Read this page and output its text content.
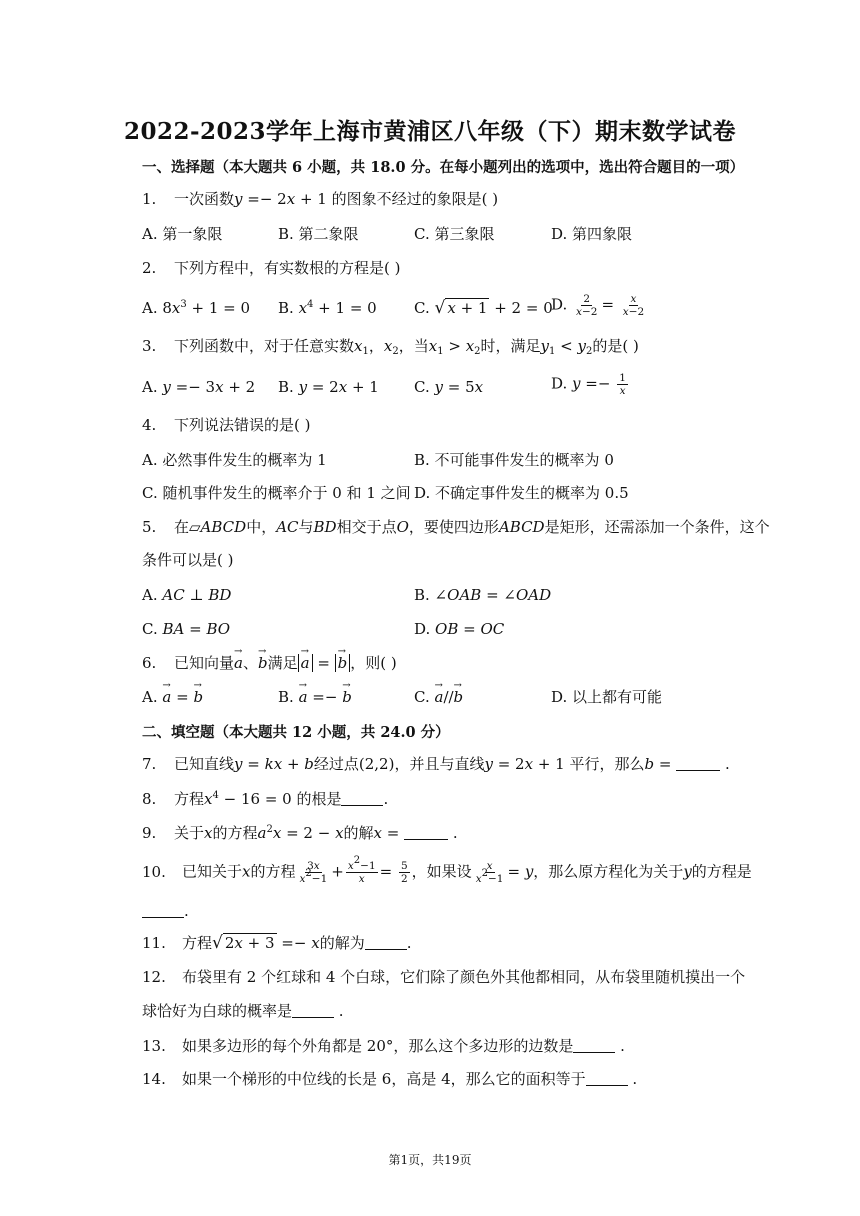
2022-2023学年上海市黄浦区八年级（下）期末数学试卷
一、选择题（本大题共 6 小题，共 18.0 分。在每小题列出的选项中，选出符合题目的一项）
1. 一次函数y =− 2x + 1 的图象不经过的象限是( )
A. 第一象限	B. 第二象限	C. 第三象限	D. 第四象限
2. 下列方程中，有实数根的方程是( )
A. $8x^3 + 1 = 0$ B. $x^4 + 1 = 0$ C. √ x + 1 + 2 = 0
D. $\frac{2}{x-2} = \frac{x}{x-2}$
3. 下列函数中，对于任意实数$x_1$，$x_2$，当$x_1 > x_2$时，满足$y_1 < y_2$的是( )
A. y =− 3x + 2 B. y = 2x + 1 C. y = 5x	D. $y =- \frac{1}{x}$
4. 下列说法错误的是( )
A. 必然事件发生的概率为 1	B. 不可能事件发生的概率为 0
C. 随机事件发生的概率介于 0 和 1 之间 D. 不确定事件发生的概率为 0.5
5. 在▱ABCD中，AC与BD相交于点O，要使四边形ABCD是矩形，还需添加一个条件，这个
条件可以是( )
A. AC ⊥ BD	B. ∠OAB = ∠OAD
C. BA = BO	D. OB = OC
6. 已知向量→ a、→ b满足→ a = → b ，则( )
A. → a = → b	B. → a =− → b	C. → a//→ b	D. 以上都有可能
二、填空题（本大题共 12 小题，共 24.0 分）
7. 已知直线y = kx + b经过点(2,2)，并且与直线y = 2x + 1 平行，那么b =	.
8. 方程$x^4 - 16 = 0$ 的根是	.
9. 关于x的方程$a^2x = 2 - x$的解x =	.
10. 已知关于x的方程 $\frac{3x}{x^2-1} + \frac{x^2-1}{x} = \frac{5}{2}$ ，如果设 $\frac{x}{x^2-1} = y$，那么原方程化为关于y的方程是
.
11. 方程 √ 2x + 3 =− x的解为	.
12. 布袋里有 2 个红球和 4 个白球，它们除了颜色外其他都相同，从布袋里随机摸出一个
球恰好为白球的概率是	.
13. 如果多边形的每个外角都是 20°，那么这个多边形的边数是	.
14. 如果一个梯形的中位线的长是 6，高是 4，那么它的面积等于	.
第1页，共19页
